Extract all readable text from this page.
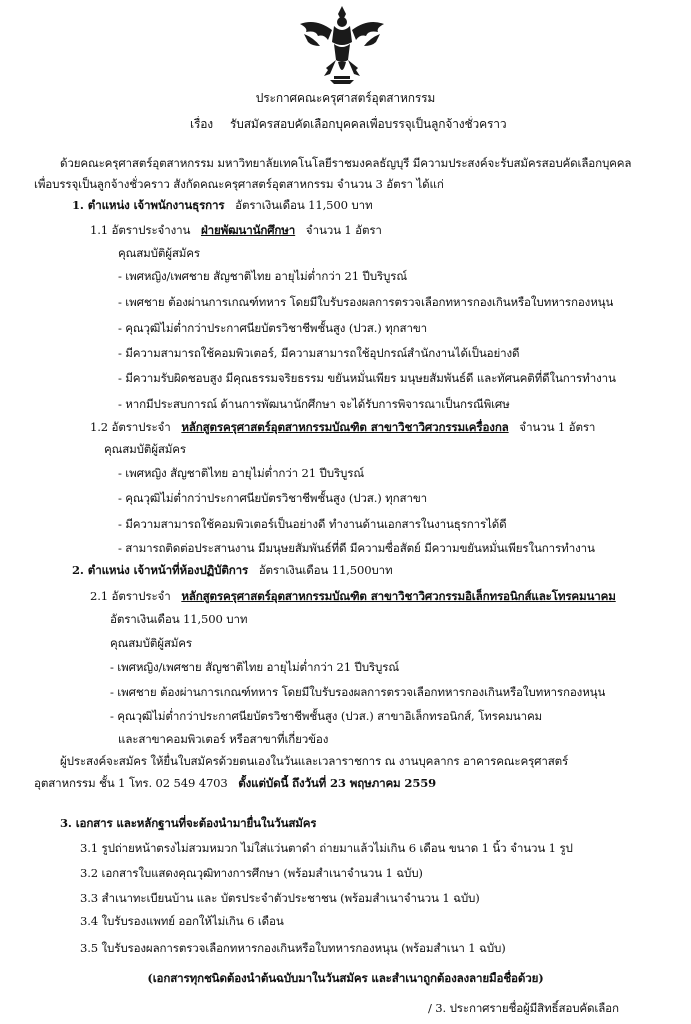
ประกาศคณะครุศาสตร์อุตสาหกรรม
เรื่อง รับสมัครสอบคัดเลือกบุคคลเพื่อบรรจุเป็นลูกจ้างชั่วคราว
ด้วยคณะครุศาสตร์อุตสาหกรรม มหาวิทยาลัยเทคโนโลยีราชมงคลธัญบุรี มีความประสงค์จะรับสมัครสอบคัดเลือกบุคคล
เพื่อบรรจุเป็นลูกจ้างชั่วคราว สังกัดคณะครุศาสตร์อุตสาหกรรม จำนวน 3 อัตรา ได้แก่
1. ตำแหน่ง เจ้าพนักงานธุรการ อัตราเงินเดือน 11,500 บาท
1.1 อัตราประจำงาน ฝ่ายพัฒนานักศึกษา จำนวน 1 อัตรา
คุณสมบัติผู้สมัคร
- เพศหญิง/เพศชาย สัญชาติไทย อายุไม่ต่ำกว่า 21 ปีบริบูรณ์
- เพศชาย ต้องผ่านการเกณฑ์ทหาร โดยมีใบรับรองผลการตรวจเลือกทหารกองเกินหรือใบทหารกองหนุน
- คุณวุฒิไม่ต่ำกว่าประกาศนียบัตรวิชาชีพชั้นสูง (ปวส.) ทุกสาขา
- มีความสามารถใช้คอมพิวเตอร์, มีความสามารถใช้อุปกรณ์สำนักงานได้เป็นอย่างดี
- มีความรับผิดชอบสูง มีคุณธรรมจริยธรรม ขยันหมั่นเพียร มนุษยสัมพันธ์ดี และทัศนคติที่ดีในการทำงาน
- หากมีประสบการณ์ ด้านการพัฒนานักศึกษา จะได้รับการพิจารณาเป็นกรณีพิเศษ
1.2 อัตราประจำ หลักสูตรครุศาสตร์อุตสาหกรรมบัณฑิต สาขาวิชาวิศวกรรมเครื่องกล จำนวน 1 อัตรา
คุณสมบัติผู้สมัคร
- เพศหญิง สัญชาติไทย อายุไม่ต่ำกว่า 21 ปีบริบูรณ์
- คุณวุฒิไม่ต่ำกว่าประกาศนียบัตรวิชาชีพชั้นสูง (ปวส.) ทุกสาขา
- มีความสามารถใช้คอมพิวเตอร์เป็นอย่างดี ทำงานด้านเอกสารในงานธุรการได้ดี
- สามารถติดต่อประสานงาน มีมนุษยสัมพันธ์ที่ดี มีความซื่อสัตย์ มีความขยันหมั่นเพียรในการทำงาน
2. ตำแหน่ง เจ้าหน้าที่ห้องปฏิบัติการ อัตราเงินเดือน 11,500บาท
2.1 อัตราประจำ หลักสูตรครุศาสตร์อุตสาหกรรมบัณฑิต สาขาวิชาวิศวกรรมอิเล็กทรอนิกส์และโทรคมนาคม
อัตราเงินเดือน 11,500 บาท
คุณสมบัติผู้สมัคร
- เพศหญิง/เพศชาย สัญชาติไทย อายุไม่ต่ำกว่า 21 ปีบริบูรณ์
- เพศชาย ต้องผ่านการเกณฑ์ทหาร โดยมีใบรับรองผลการตรวจเลือกทหารกองเกินหรือใบทหารกองหนุน
- คุณวุฒิไม่ต่ำกว่าประกาศนียบัตรวิชาชีพชั้นสูง (ปวส.) สาขาอิเล็กทรอนิกส์, โทรคมนาคม
และสาขาคอมพิวเตอร์ หรือสาขาที่เกี่ยวข้อง
ผู้ประสงค์จะสมัคร ให้ยื่นใบสมัครด้วยตนเองในวันและเวลาราชการ ณ งานบุคลากร อาคารคณะครุศาสตร์
อุตสาหกรรม ชั้น 1 โทร. 02 549 4703 ตั้งแต่บัดนี้ ถึงวันที่ 23 พฤษภาคม 2559
3. เอกสาร และหลักฐานที่จะต้องนำมายื่นในวันสมัคร
3.1 รูปถ่ายหน้าตรงไม่สวมหมวก ไม่ใส่แว่นตาดำ ถ่ายมาแล้วไม่เกิน 6 เดือน ขนาด 1 นิ้ว จำนวน 1 รูป
3.2 เอกสารใบแสดงคุณวุฒิทางการศึกษา (พร้อมสำเนาจำนวน 1 ฉบับ)
3.3 สำเนาทะเบียนบ้าน และ บัตรประจำตัวประชาชน (พร้อมสำเนาจำนวน 1 ฉบับ)
3.4 ใบรับรองแพทย์ ออกให้ไม่เกิน 6 เดือน
3.5 ใบรับรองผลการตรวจเลือกทหารกองเกินหรือใบทหารกองหนุน (พร้อมสำเนา 1 ฉบับ)
(เอกสารทุกชนิดต้องนำต้นฉบับมาในวันสมัคร และสำเนาถูกต้องลงลายมือชื่อด้วย)
/ 3. ประกาศรายชื่อผู้มีสิทธิ์สอบคัดเลือก
